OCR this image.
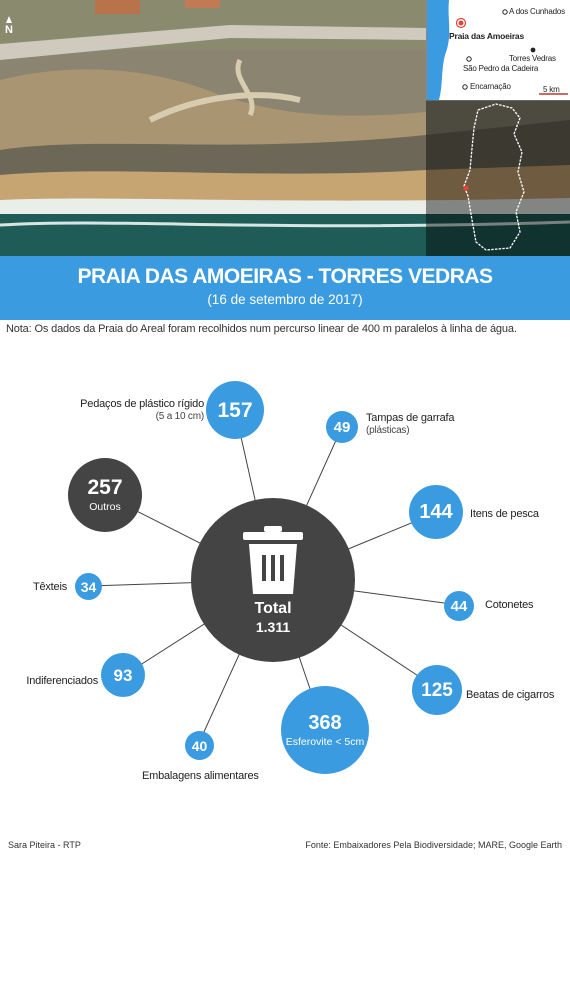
N
A dos Cunhados
Praia das Amoeiras
Torres Vedras
São Pedro da Cadeira
Encarnação	5 km
PRAIA DAS AMOEIRAS - TORRES VEDRAS
(16 de setembro de 2017)
Nota: Os dados da Praia do Areal foram recolhidos num percurso linear de 400 m paralelos à linha de água.
Total
1.311
157
Pedaços de plástico rígido
(5 a 10 cm)
49
Tampas de garrafa
(plásticas)
144 Itens de pesca
44 Cotonetes
125 Beatas de cigarros
368
Esferovite < 5cm
40
Embalagens alimentares
93
Indiferenciados
34
Têxteis
257
Outros
Sara Piteira - RTP	Fonte: Embaixadores Pela Biodiversidade; MARE, Google Earth
